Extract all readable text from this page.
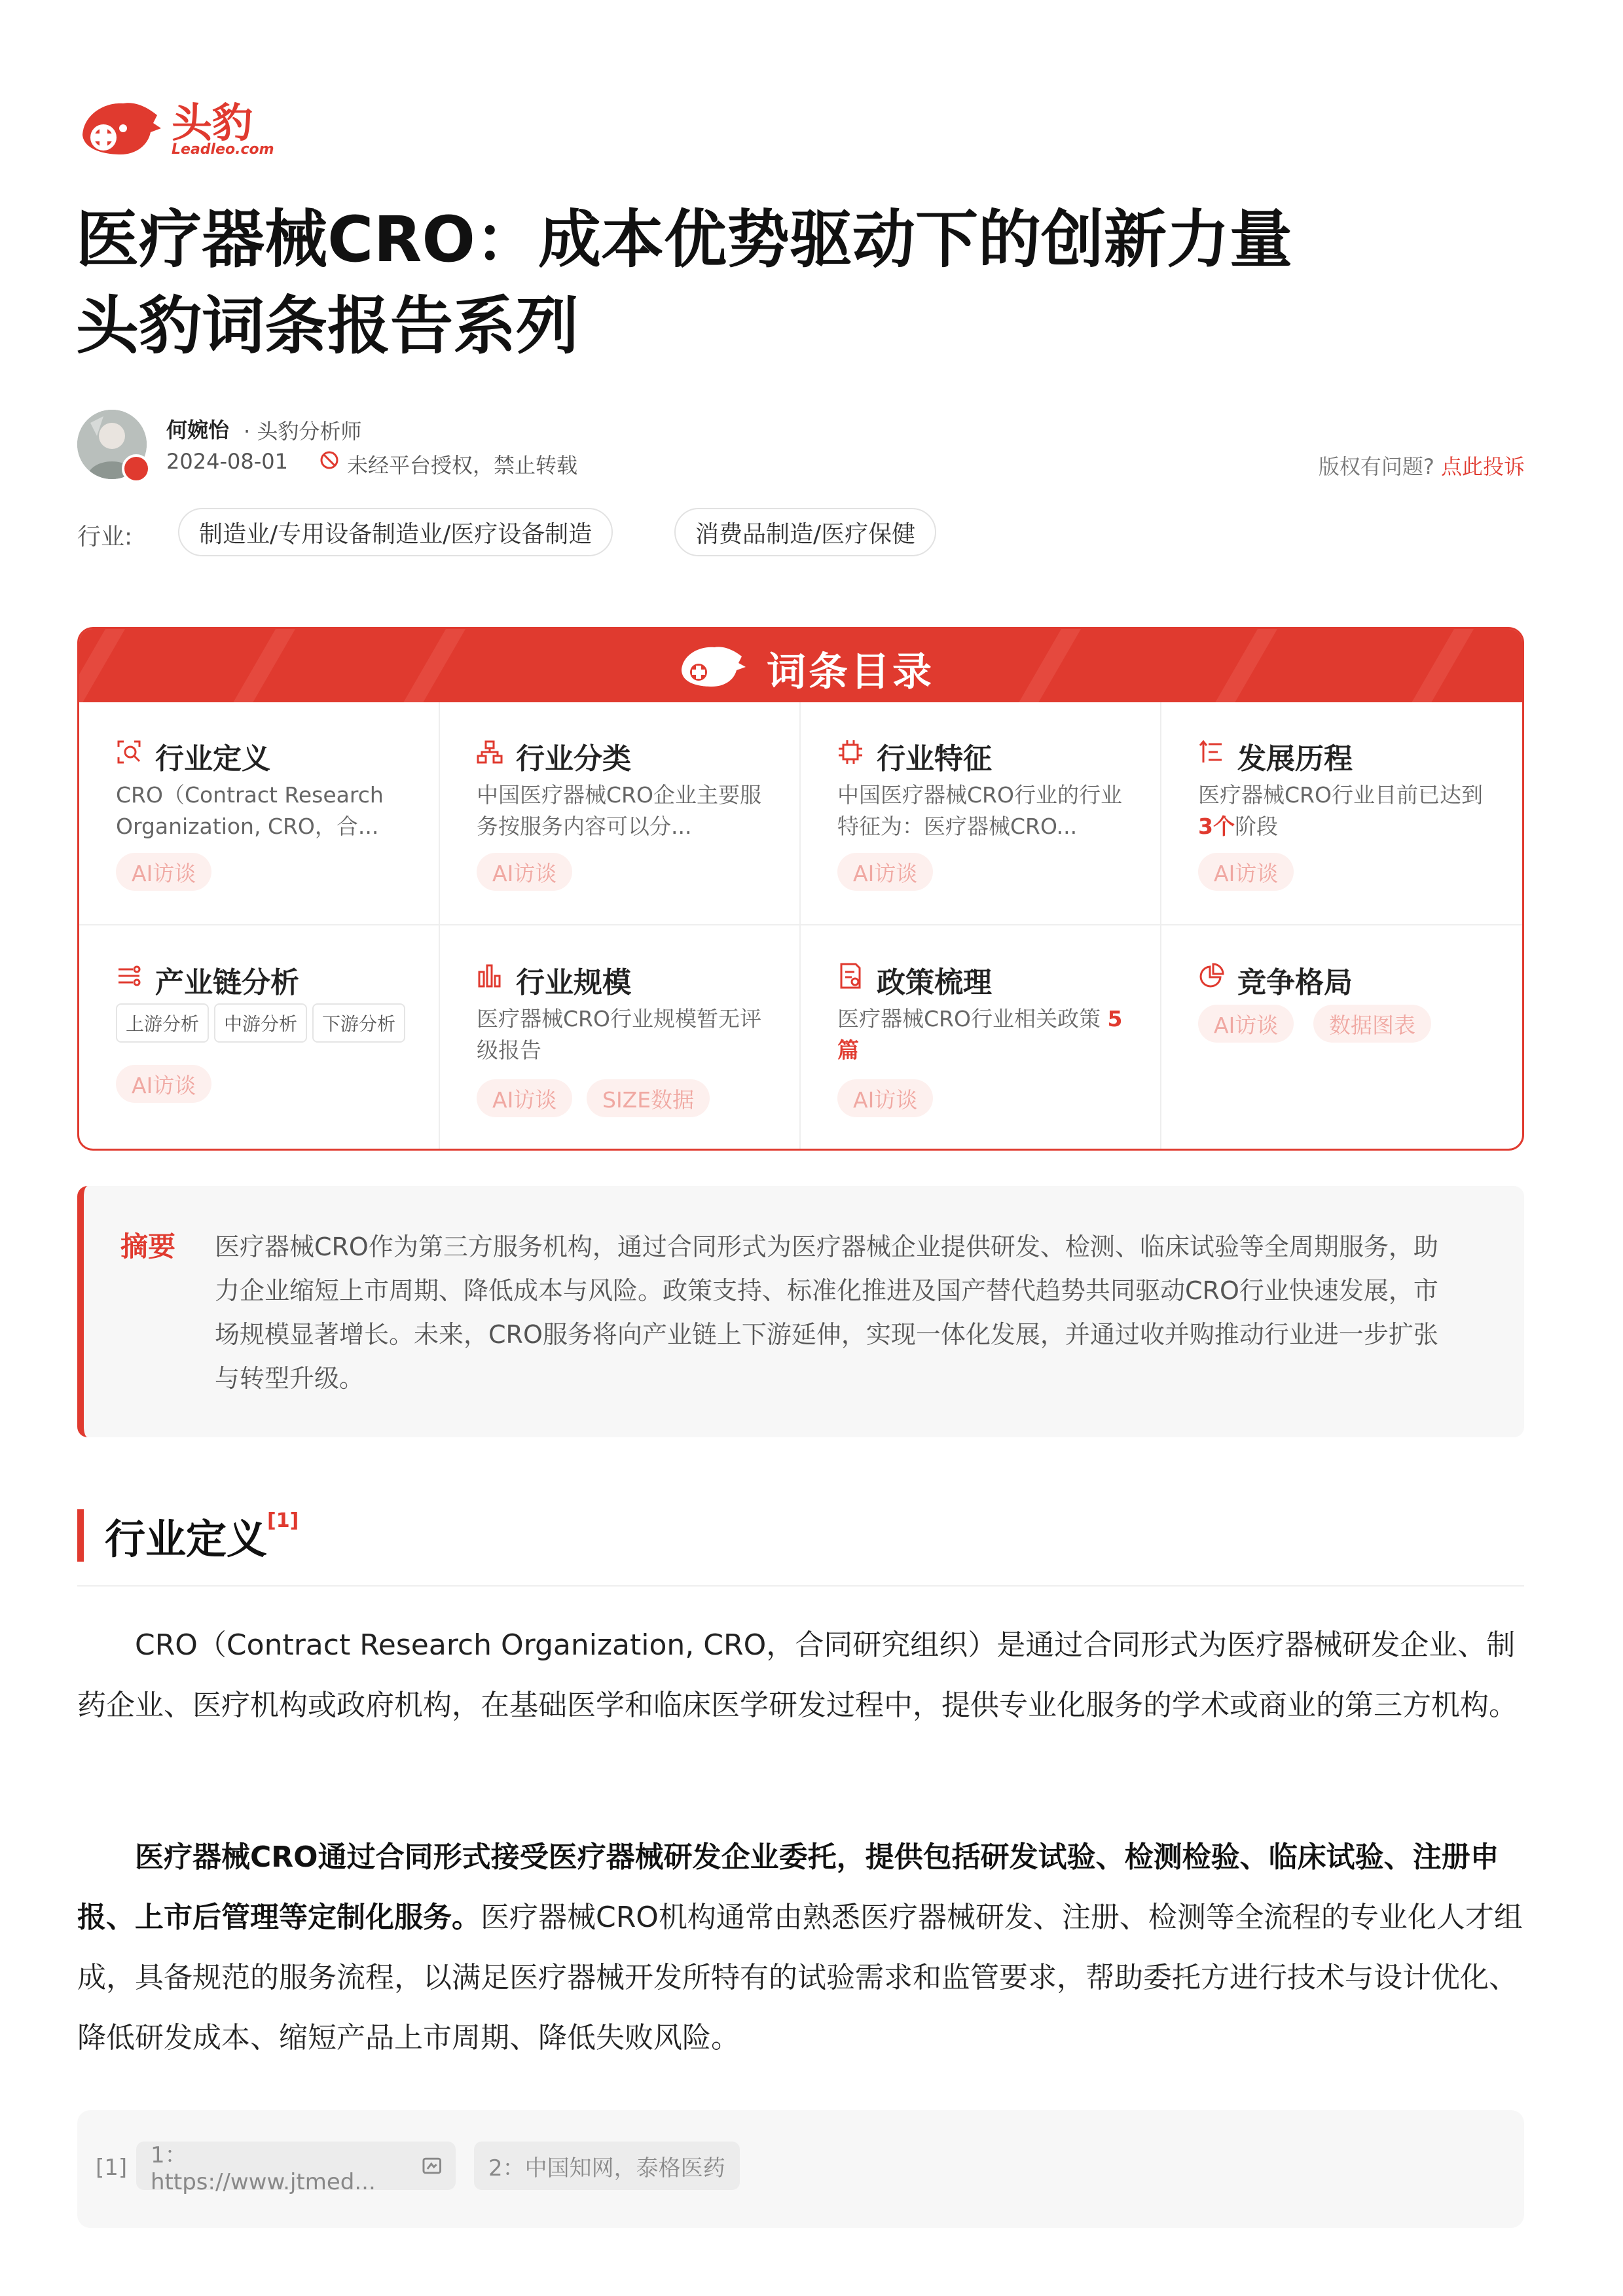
头豹
Leadleo.com
医疗器械CRO：成本优势驱动下的创新力量
头豹词条报告系列
何婉怡 · 头豹分析师
2024-08-01	未经平台授权，禁止转载	版权有问题? 点此投诉
行业:	制造业/专用设备制造业/医疗设备制造	消费品制造/医疗保健
词条目录
行业定义
CRO（Contract Research Organization, CRO，合...
AI访谈
行业分类
中国医疗器械CRO企业主要服务按服务内容可以分...
AI访谈
行业特征
中国医疗器械CRO行业的行业特征为：医疗器械CRO...
AI访谈
发展历程
医疗器械CRO行业目前已达到 3个阶段
AI访谈
产业链分析
上游分析	中游分析	下游分析
AI访谈
行业规模
医疗器械CRO行业规模暂无评级报告
AI访谈	SIZE数据
政策梳理
医疗器械CRO行业相关政策 5篇
AI访谈
竞争格局
AI访谈	数据图表
摘要 医疗器械CRO作为第三方服务机构，通过合同形式为医疗器械企业提供研发、检测、临床试验等全周期服务，助力企业缩短上市周期、降低成本与风险。政策支持、标准化推进及国产替代趋势共同驱动CRO行业快速发展，市场规模显著增长。未来，CRO服务将向产业链上下游延伸，实现一体化发展，并通过收并购推动行业进一步扩张与转型升级。
行业定义[1]
CRO（Contract Research Organization, CRO，合同研究组织）是通过合同形式为医疗器械研发企业、制药企业、医疗机构或政府机构，在基础医学和临床医学研发过程中，提供专业化服务的学术或商业的第三方机构。
医疗器械CRO通过合同形式接受医疗器械研发企业委托，提供包括研发试验、检测检验、临床试验、注册申报、上市后管理等定制化服务。医疗器械CRO机构通常由熟悉医疗器械研发、注册、检测等全流程的专业化人才组成，具备规范的服务流程，以满足医疗器械开发所特有的试验需求和监管要求，帮助委托方进行技术与设计优化、降低研发成本、缩短产品上市周期、降低失败风险。
[1] 1：https://www.jtmed...
2：中国知网，泰格医药
